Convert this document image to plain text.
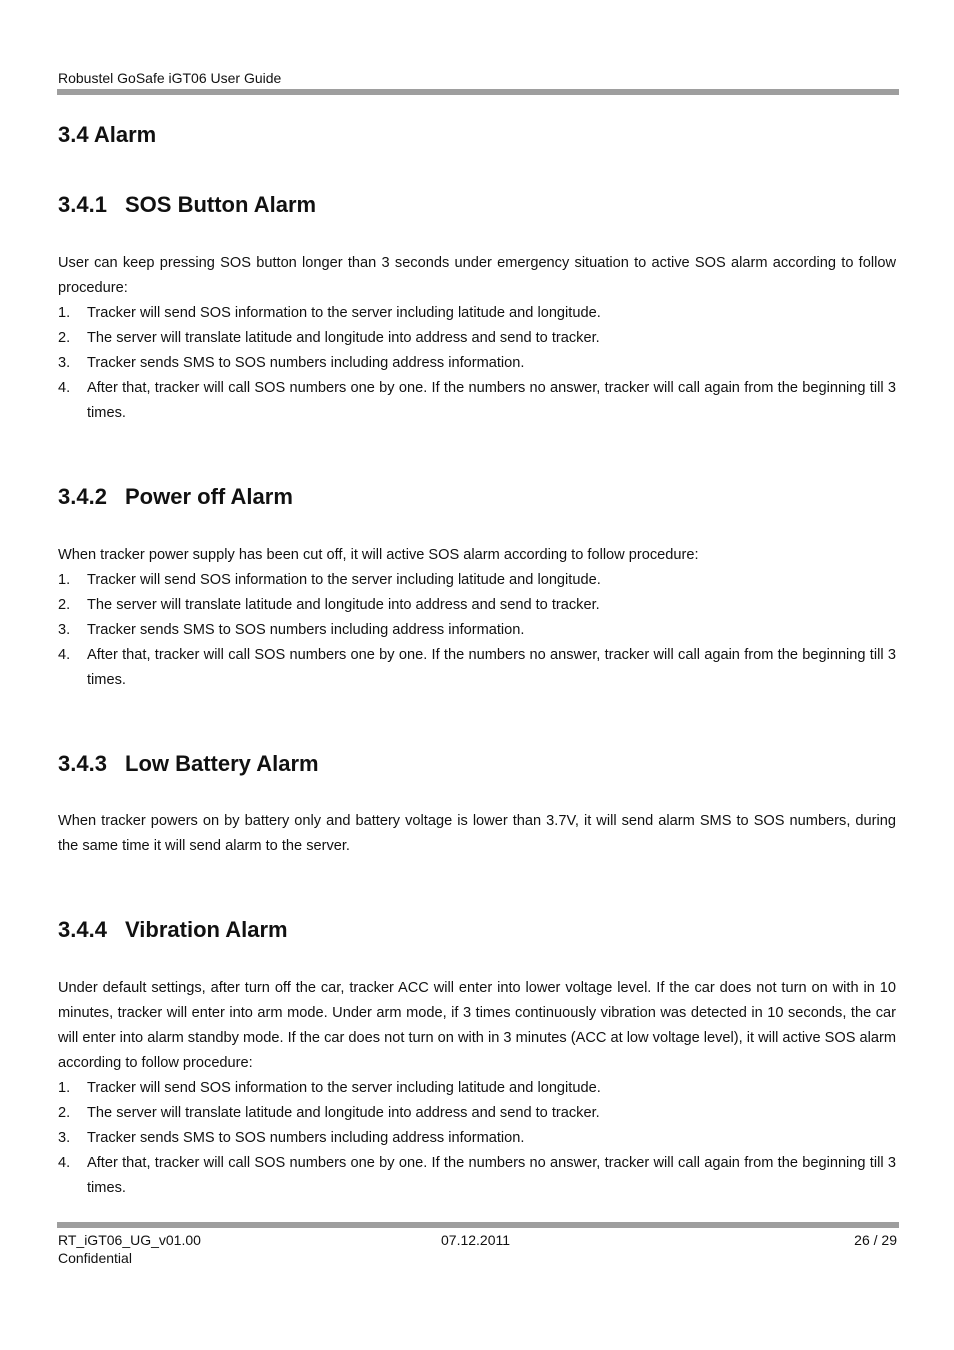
Robustel GoSafe iGT06 User Guide
3.4 Alarm
3.4.1 SOS Button Alarm

User can keep pressing SOS button longer than 3 seconds under emergency situation to active SOS alarm according to follow procedure:

1. Tracker will send SOS information to the server including latitude and longitude.
2. The server will translate latitude and longitude into address and send to tracker.
3. Tracker sends SMS to SOS numbers including address information.
4. After that, tracker will call SOS numbers one by one. If the numbers no answer, tracker will call again from the beginning till 3 times.
3.4.2 Power off Alarm

When tracker power supply has been cut off, it will active SOS alarm according to follow procedure:

1. Tracker will send SOS information to the server including latitude and longitude.
2. The server will translate latitude and longitude into address and send to tracker.
3. Tracker sends SMS to SOS numbers including address information.
4. After that, tracker will call SOS numbers one by one. If the numbers no answer, tracker will call again from the beginning till 3 times.
3.4.3 Low Battery Alarm

When tracker powers on by battery only and battery voltage is lower than 3.7V, it will send alarm SMS to SOS numbers, during the same time it will send alarm to the server.

3.4.4 Vibration Alarm

Under default settings, after turn off the car, tracker ACC will enter into lower voltage level. If the car does not turn on with in 10 minutes, tracker will enter into arm mode. Under arm mode, if 3 times continuously vibration was detected in 10 seconds, the car will enter into alarm standby mode. If the car does not turn on with in 3 minutes (ACC at low voltage level), it will active SOS alarm according to follow procedure:

1. Tracker will send SOS information to the server including latitude and longitude.
2. The server will translate latitude and longitude into address and send to tracker.
3. Tracker sends SMS to SOS numbers including address information.
4. After that, tracker will call SOS numbers one by one. If the numbers no answer, tracker will call again from the beginning till 3 times.
RT_iGT06_UG_v01.00
Confidential
07.12.2011	26 / 29
